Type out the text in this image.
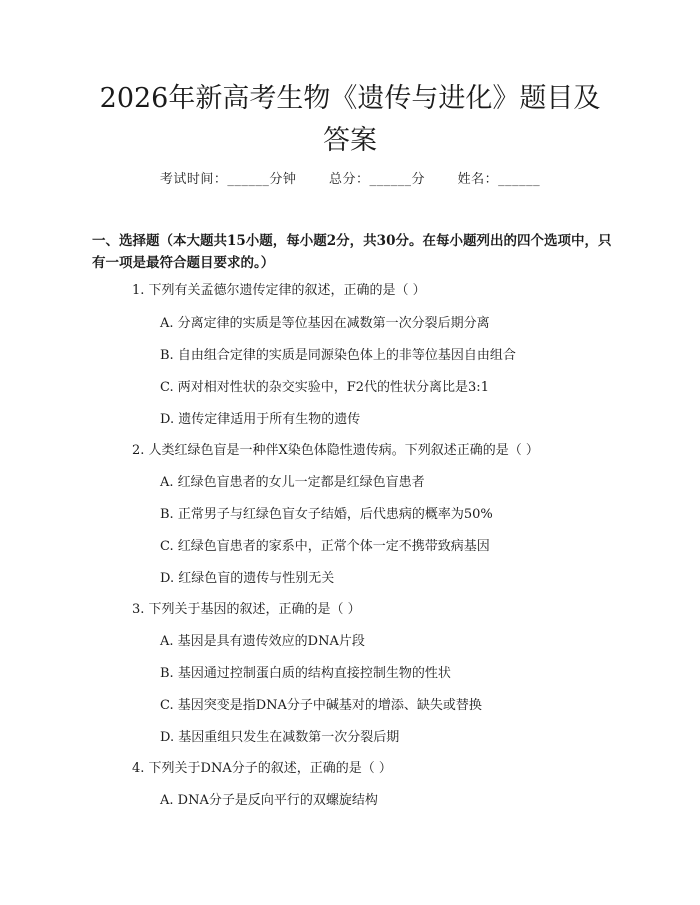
2026年新高考生物《遗传与进化》题目及答案
考试时间：______分钟	总分：______分	姓名：______
一、选择题（本大题共15小题，每小题2分，共30分。在每小题列出的四个选项中，只有一项是最符合题目要求的。）
1. 下列有关孟德尔遗传定律的叙述，正确的是（ ）
A. 分离定律的实质是等位基因在减数第一次分裂后期分离
B. 自由组合定律的实质是同源染色体上的非等位基因自由组合
C. 两对相对性状的杂交实验中，F2代的性状分离比是3:1
D. 遗传定律适用于所有生物的遗传
2. 人类红绿色盲是一种伴X染色体隐性遗传病。下列叙述正确的是（ ）
A. 红绿色盲患者的女儿一定都是红绿色盲患者
B. 正常男子与红绿色盲女子结婚，后代患病的概率为50%
C. 红绿色盲患者的家系中，正常个体一定不携带致病基因
D. 红绿色盲的遗传与性别无关
3. 下列关于基因的叙述，正确的是（ ）
A. 基因是具有遗传效应的DNA片段
B. 基因通过控制蛋白质的结构直接控制生物的性状
C. 基因突变是指DNA分子中碱基对的增添、缺失或替换
D. 基因重组只发生在减数第一次分裂后期
4. 下列关于DNA分子的叙述，正确的是（ ）
A. DNA分子是反向平行的双螺旋结构
